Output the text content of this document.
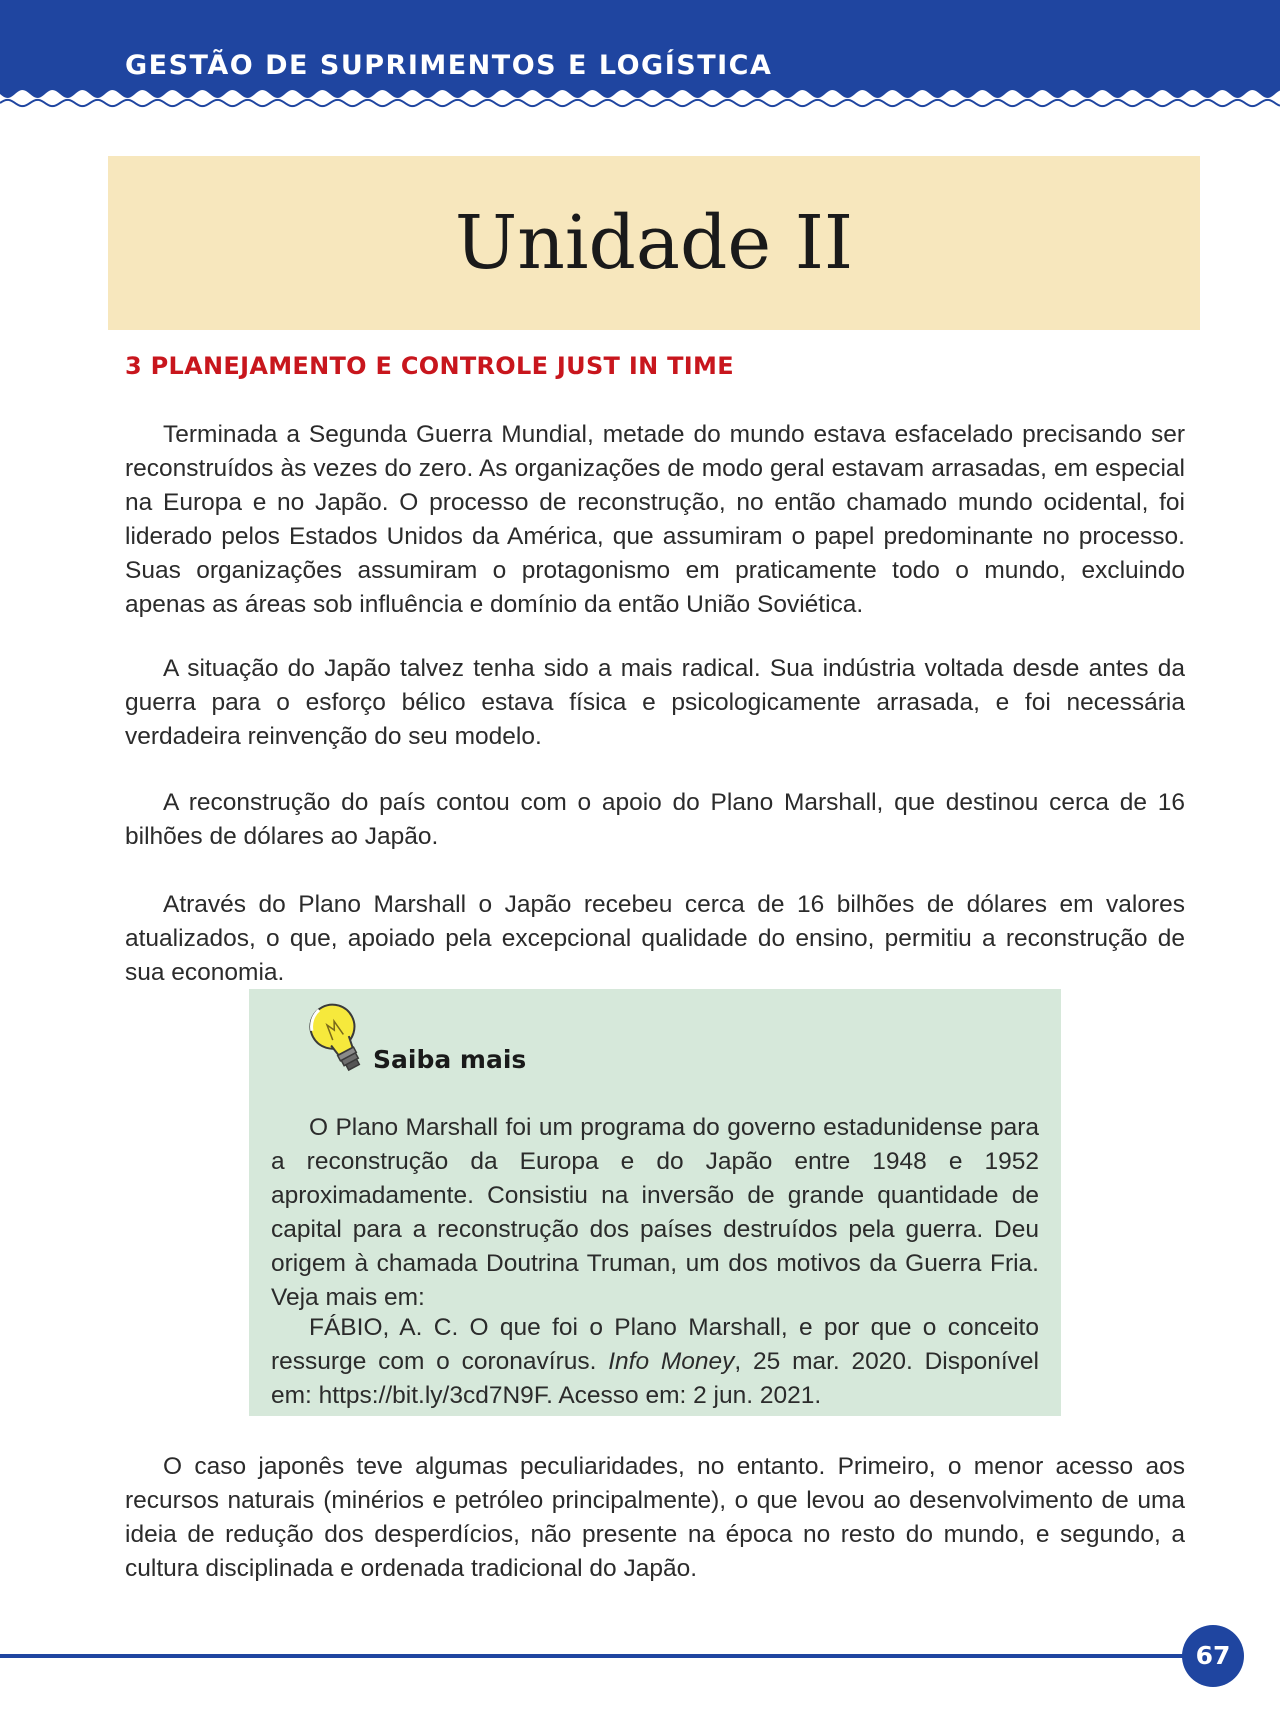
GESTÃO DE SUPRIMENTOS E LOGÍSTICA
Unidade II
3 PLANEJAMENTO E CONTROLE JUST IN TIME

Terminada a Segunda Guerra Mundial, metade do mundo estava esfacelado precisando ser reconstruídos às vezes do zero. As organizações de modo geral estavam arrasadas, em especial na Europa e no Japão. O processo de reconstrução, no então chamado mundo ocidental, foi liderado pelos Estados Unidos da América, que assumiram o papel predominante no processo. Suas organizações assumiram o protagonismo em praticamente todo o mundo, excluindo apenas as áreas sob influência e domínio da então União Soviética.

A situação do Japão talvez tenha sido a mais radical. Sua indústria voltada desde antes da guerra para o esforço bélico estava física e psicologicamente arrasada, e foi necessária verdadeira reinvenção do seu modelo.

A reconstrução do país contou com o apoio do Plano Marshall, que destinou cerca de 16 bilhões de dólares ao Japão.

Através do Plano Marshall o Japão recebeu cerca de 16 bilhões de dólares em valores atualizados, o que, apoiado pela excepcional qualidade do ensino, permitiu a reconstrução de sua economia.

Saiba mais

O Plano Marshall foi um programa do governo estadunidense para a reconstrução da Europa e do Japão entre 1948 e 1952 aproximadamente. Consistiu na inversão de grande quantidade de capital para a reconstrução dos países destruídos pela guerra. Deu origem à chamada Doutrina Truman, um dos motivos da Guerra Fria. Veja mais em:

FÁBIO, A. C. O que foi o Plano Marshall, e por que o conceito ressurge com o coronavírus. Info Money, 25 mar. 2020. Disponível em: https://bit.ly/3cd7N9F. Acesso em: 2 jun. 2021.

O caso japonês teve algumas peculiaridades, no entanto. Primeiro, o menor acesso aos recursos naturais (minérios e petróleo principalmente), o que levou ao desenvolvimento de uma ideia de redução dos desperdícios, não presente na época no resto do mundo, e segundo, a cultura disciplinada e ordenada tradicional do Japão.

67
